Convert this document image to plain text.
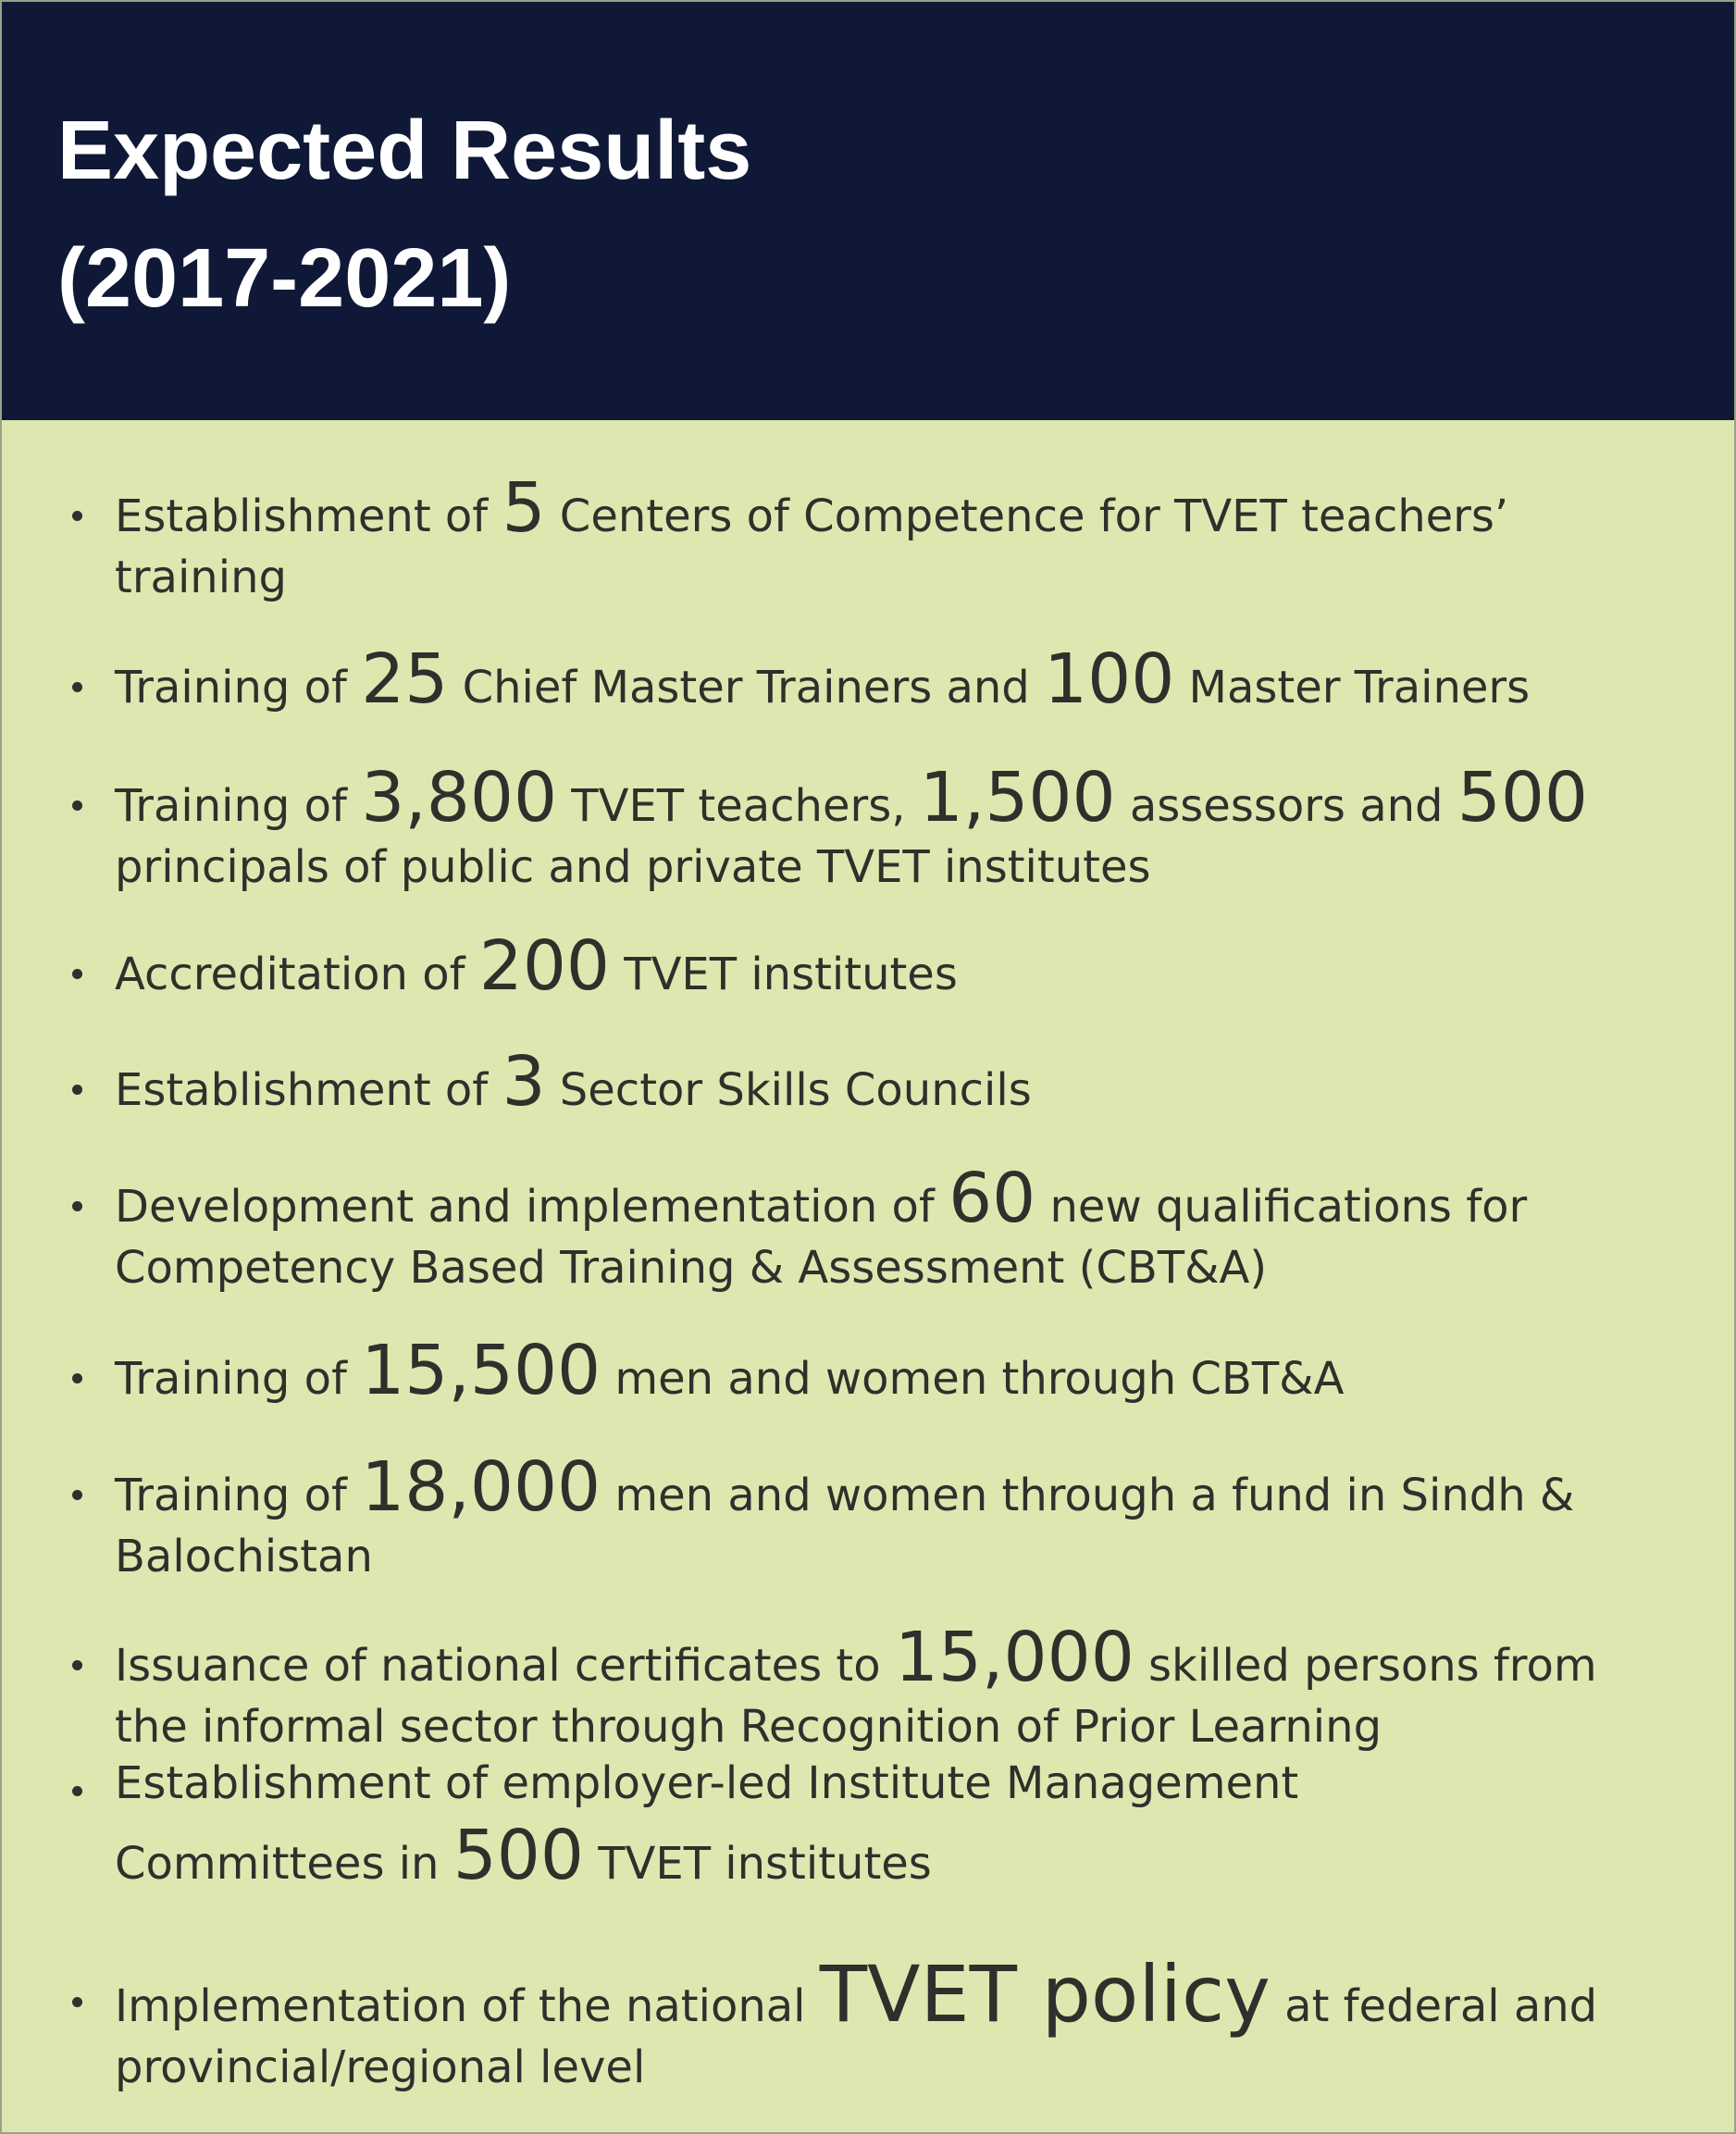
Expected Results
(2017-2021)
Establishment of 5 Centers of Competence for TVET teachers’
training
Training of 25 Chief Master Trainers and 100 Master Trainers
Training of 3,800 TVET teachers, 1,500 assessors and 500
principals of public and private TVET institutes
Accreditation of 200 TVET institutes
Establishment of 3 Sector Skills Councils
Development and implementation of 60 new qualifications for
Competency Based Training & Assessment (CBT&A)
Training of 15,500 men and women through CBT&A
Training of 18,000 men and women through a fund in Sindh &
Balochistan
Issuance of national certificates to 15,000 skilled persons from
the informal sector through Recognition of Prior Learning
Establishment of employer-led Institute Management
Committees in 500 TVET institutes
Implementation of the national TVET policy at federal and
provincial/regional level
